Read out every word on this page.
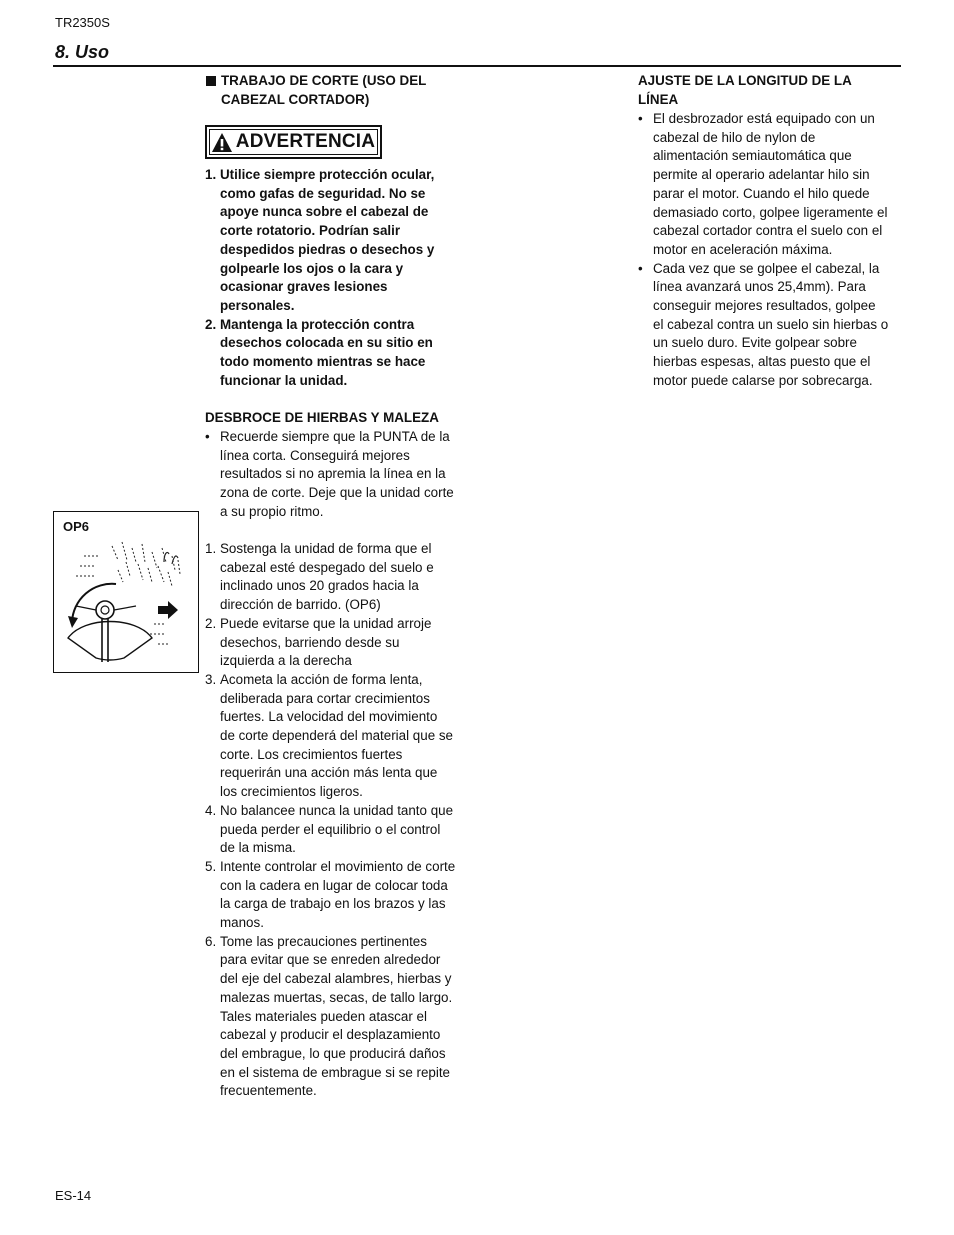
TR2350S
8. Uso
TRABAJO DE CORTE (USO DEL
CABEZAL CORTADOR)
ADVERTENCIA
1. Utilice siempre protección ocular,
como gafas de seguridad. No se
apoye nunca sobre el cabezal de
corte rotatorio. Podrían salir
despedidos piedras o desechos y
golpearle los ojos o la cara y
ocasionar graves lesiones
personales.
2. Mantenga la protección contra
desechos colocada en su sitio en
todo momento mientras se hace
funcionar la unidad.
DESBROCE DE HIERBAS Y MALEZA
• Recuerde siempre que la PUNTA de la
línea corta. Conseguirá mejores
resultados si no apremia la línea en la
zona de corte. Deje que la unidad corte
a su propio ritmo.
1. Sostenga la unidad de forma que el
cabezal esté despegado del suelo e
inclinado unos 20 grados hacia la
dirección de barrido. (OP6)
2. Puede evitarse que la unidad arroje
desechos, barriendo desde su
izquierda a la derecha
3. Acometa la acción de forma lenta,
deliberada para cortar crecimientos
fuertes. La velocidad del movimiento
de corte dependerá del material que se
corte. Los crecimientos fuertes
requerirán una acción más lenta que
los crecimientos ligeros.
4. No balancee nunca la unidad tanto que
pueda perder el equilibrio o el control
de la misma.
5. Intente controlar el movimiento de corte
con la cadera en lugar de colocar toda
la carga de trabajo en los brazos y las
manos.
6. Tome las precauciones pertinentes
para evitar que se enreden alrededor
del eje del cabezal alambres, hierbas y
malezas muertas, secas, de tallo largo.
Tales materiales pueden atascar el
cabezal y producir el desplazamiento
del embrague, lo que producirá daños
en el sistema de embrague si se repite
frecuentemente.
OP6
AJUSTE DE LA LONGITUD DE LA
LÍNEA
• El desbrozador está equipado con un
cabezal de hilo de nylon de
alimentación semiautomática que
permite al operario adelantar hilo sin
parar el motor. Cuando el hilo quede
demasiado corto, golpee ligeramente el
cabezal cortador contra el suelo con el
motor en aceleración máxima.
• Cada vez que se golpee el cabezal, la
línea avanzará unos 25,4mm). Para
conseguir mejores resultados, golpee
el cabezal contra un suelo sin hierbas o
un suelo duro. Evite golpear sobre
hierbas espesas, altas puesto que el
motor puede calarse por sobrecarga.
ES-14
